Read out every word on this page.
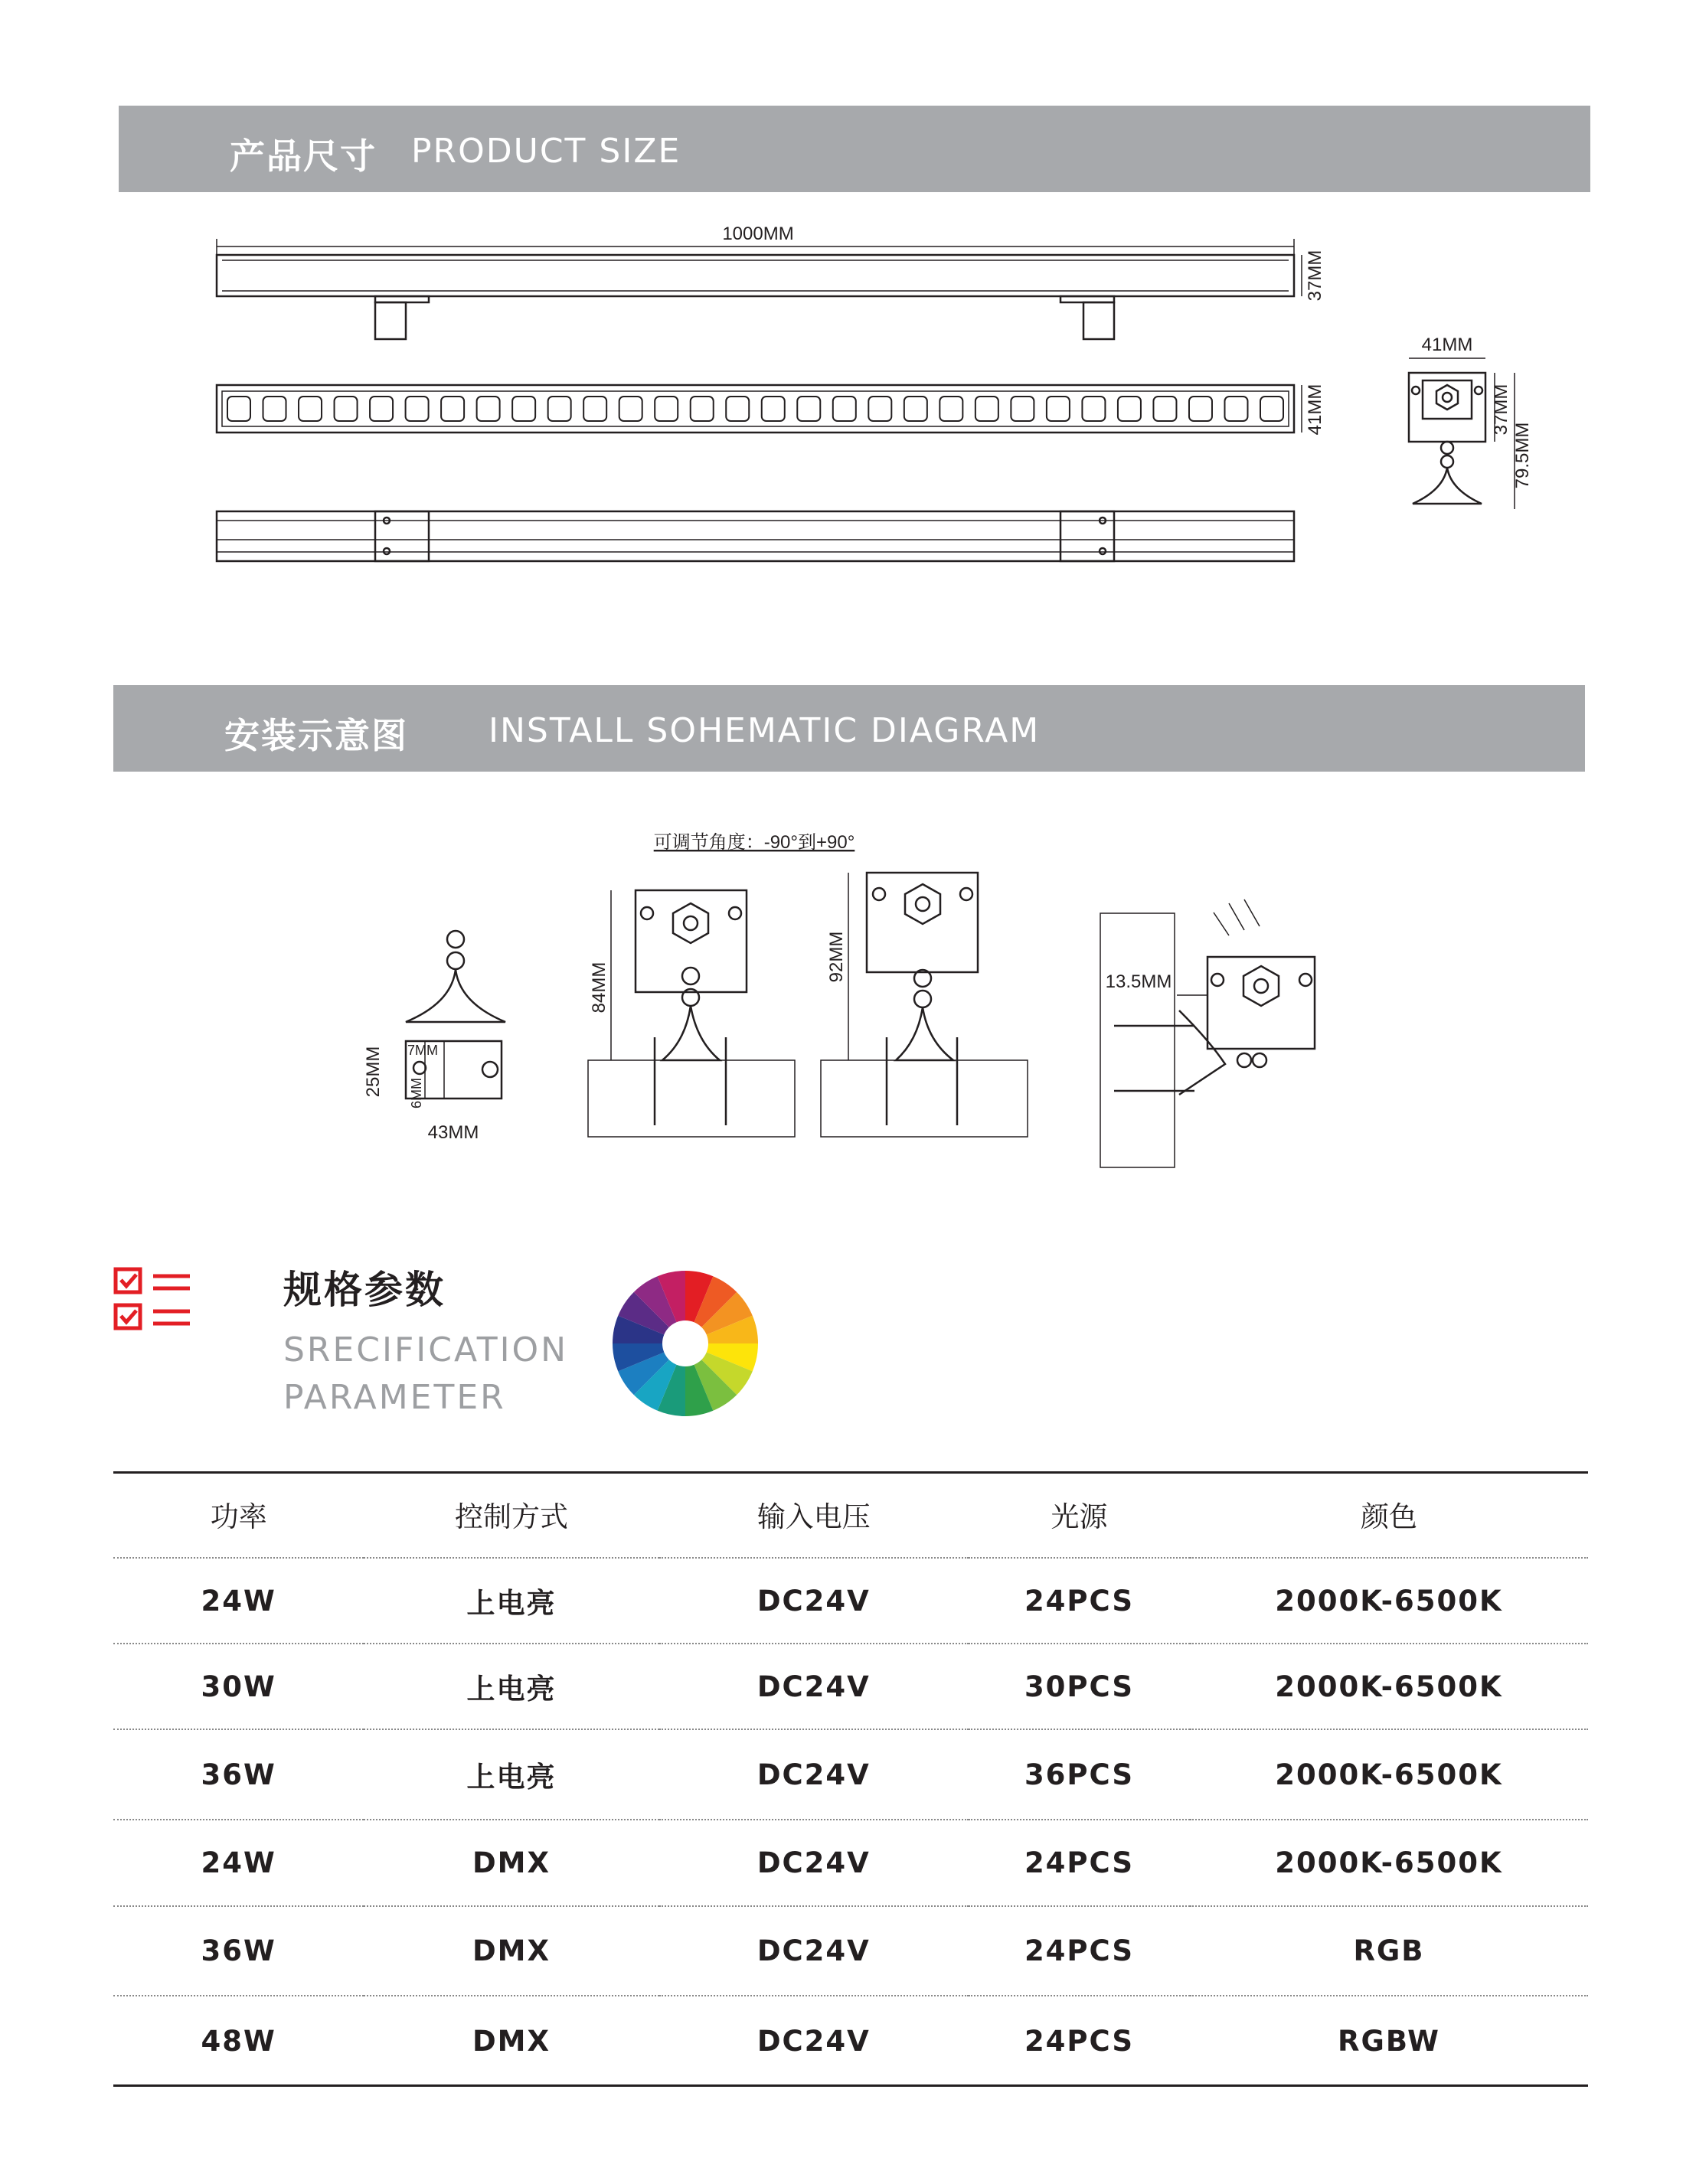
产品尺寸 PRODUCT SIZE
1000MM
37MM
41MM
41MM
37MM
79.5MM
安装示意图 INSTALL SOHEMATIC DIAGRAM
可调节角度：-90°到+90°
25MM
43MM
7MM
6MM
84MM
92MM	13.5MM
规格参数
SRECIFICATION
PARAMETER
功率	控制方式	输入电压	光源	颜色
24W	上电亮	DC24V	24PCS	2000K-6500K
30W	上电亮	DC24V	30PCS	2000K-6500K
36W	上电亮	DC24V	36PCS	2000K-6500K
24W	DMX	DC24V	24PCS	2000K-6500K
36W	DMX	DC24V	24PCS	RGB
48W	DMX	DC24V	24PCS	RGBW
